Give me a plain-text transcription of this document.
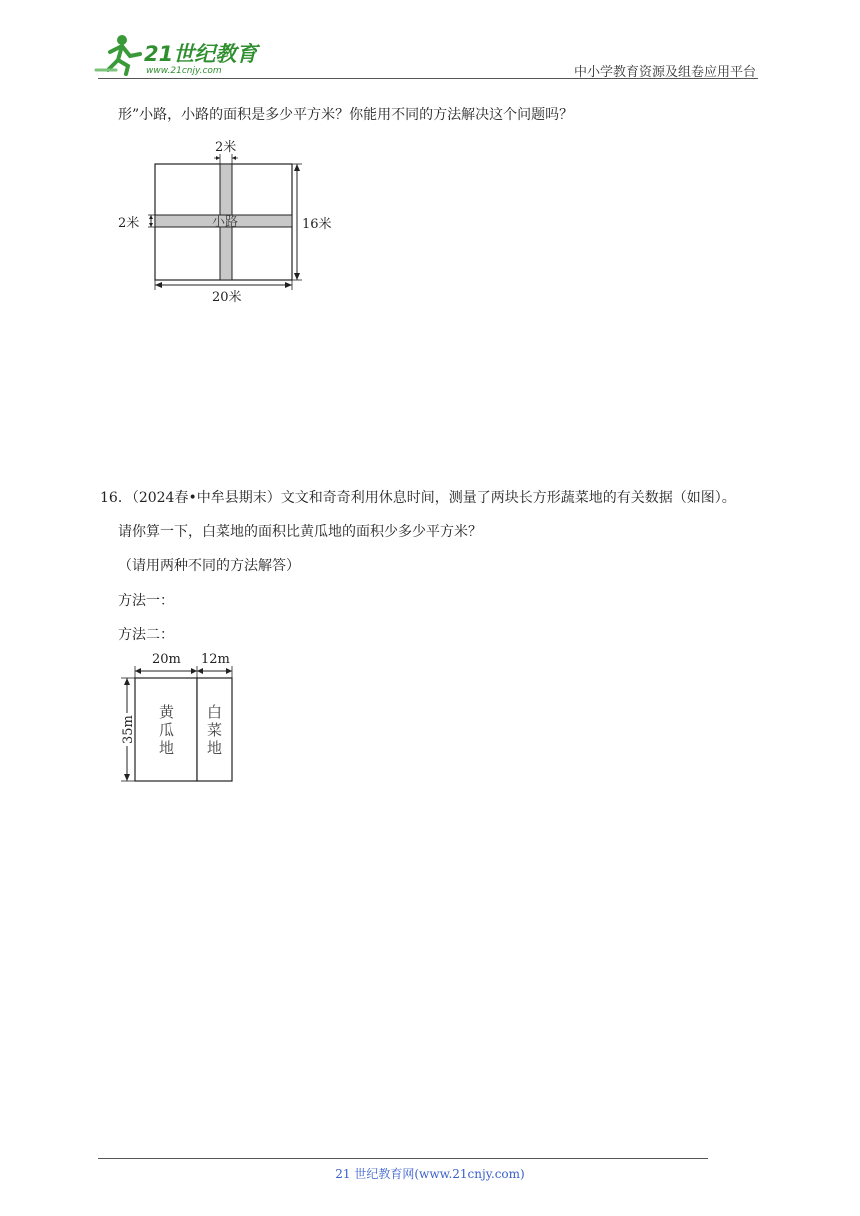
21世纪教育
www.21cnjy.com	中小学教育资源及组卷应用平台
形”小路，小路的面积是多少平方米？你能用不同的方法解决这个问题吗？
小路
2米
2米	16米
20米
16．（2024春•中牟县期末）文文和奇奇利用休息时间，测量了两块长方形蔬菜地的有关数据（如图）。
请你算一下，白菜地的面积比黄瓜地的面积少多少平方米？
（请用两种不同的方法解答）
方法一：
方法二：
20m 12m
黄
瓜
地
白
菜
地
35m
21 世纪教育网(www.21cnjy.com)
